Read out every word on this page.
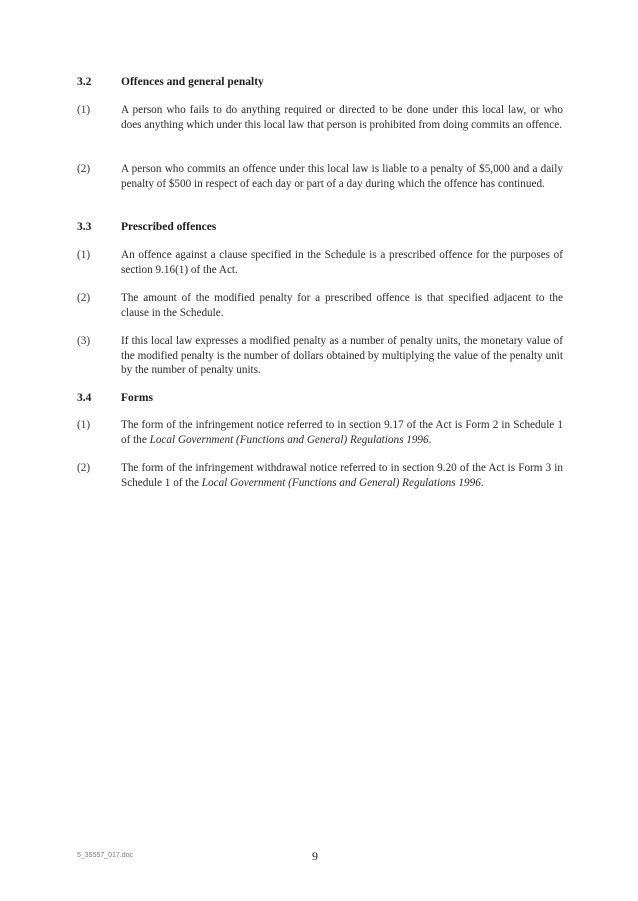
3.2	Offences and general penalty
(1)	A person who fails to do anything required or directed to be done under this local law, or who does anything which under this local law that person is prohibited from doing commits an offence.
(2)	A person who commits an offence under this local law is liable to a penalty of $5,000 and a daily penalty of $500 in respect of each day or part of a day during which the offence has continued.
3.3	Prescribed offences
(1)	An offence against a clause specified in the Schedule is a prescribed offence for the purposes of section 9.16(1) of the Act.
(2)	The amount of the modified penalty for a prescribed offence is that specified adjacent to the clause in the Schedule.
(3)	If this local law expresses a modified penalty as a number of penalty units, the monetary value of the modified penalty is the number of dollars obtained by multiplying the value of the penalty unit by the number of penalty units.
3.4	Forms
(1)	The form of the infringement notice referred to in section 9.17 of the Act is Form 2 in Schedule 1 of the Local Government (Functions and General) Regulations 1996.
(2)	The form of the infringement withdrawal notice referred to in section 9.20 of the Act is Form 3 in Schedule 1 of the Local Government (Functions and General) Regulations 1996.
5_35557_017.doc	9
